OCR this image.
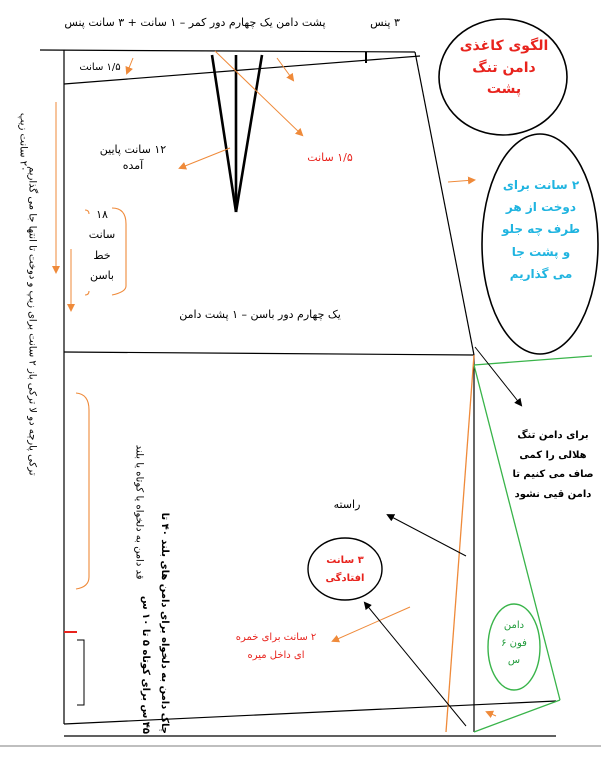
پشت دامن یک چهارم دور کمر – ۱ سانت + ۳ سانت پنس	۳ پنس
الگوی کاغذی دامن تنگ پشت
۲ سانت برای دوخت از هر طرف چه جلو و پشت جا می گذاریم
۱/۵ سانت
۱۲ سانت پایین آمده
۱/۵ سانت
۱۸ سانت خط باسن
یک چهارم دور باسن – ۱ پشت دامن
۲۰ سانت زیپ
ترکی پارچه دو لا ترکی باز ۲ سانت برای زیپ و دوخت تا انتها جا می گذاریم
قد دامن به دلخواه یا کوتاه یا بلند	چاک دامن به دلخواه برای دامن های بلند ۴۰ تا ۴۵ س برای کوتاه ۵ تا ۱۰ س
برای دامن تنگ هلالی را کمی صاف می کنیم تا دامن قیی نشود
راسته
۳ سانت افتادگی
۲ سانت برای خمره ای داخل میره
دامن فون ۶ س
